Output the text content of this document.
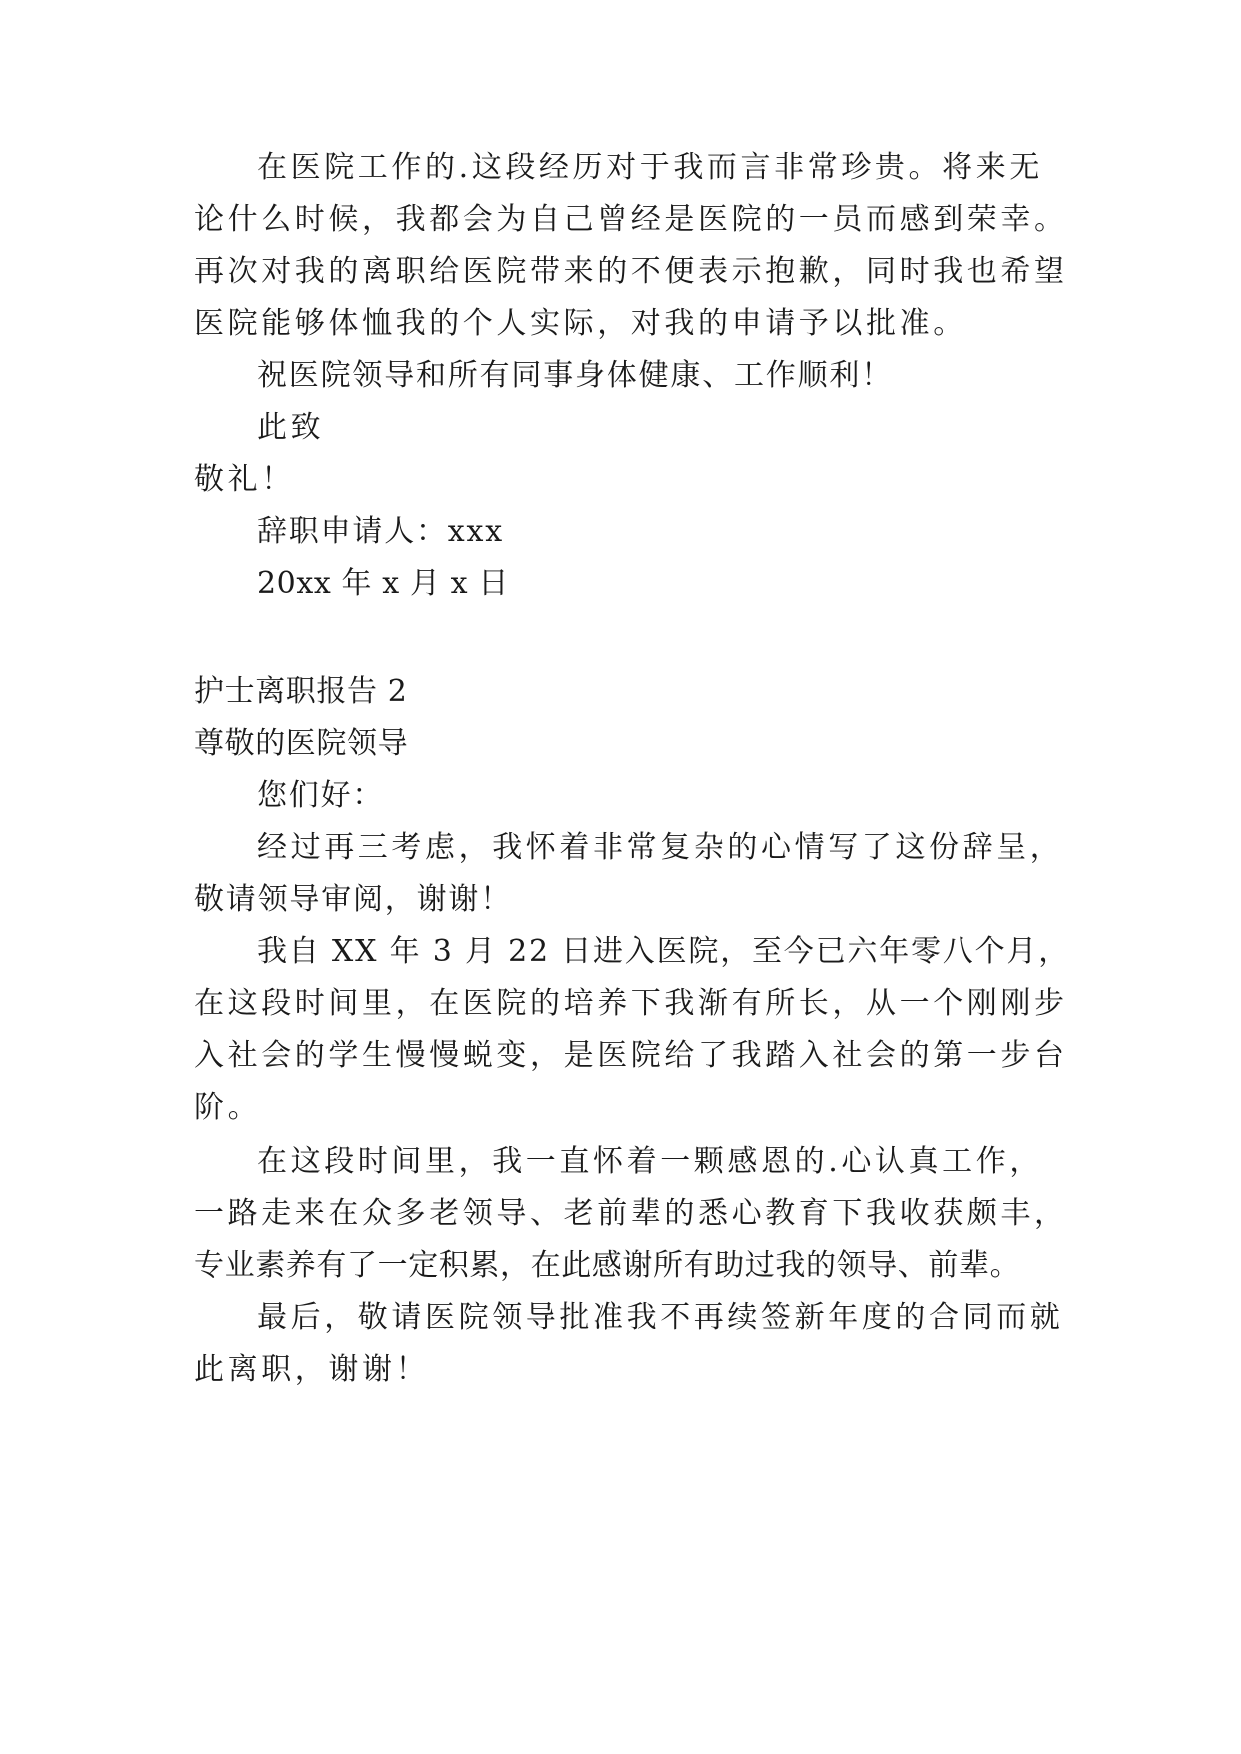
在医院工作的.这段经历对于我而言非常珍贵。将来无
论什么时候，我都会为自己曾经是医院的一员而感到荣幸。
再次对我的离职给医院带来的不便表示抱歉，同时我也希望
医院能够体恤我的个人实际，对我的申请予以批准。
祝医院领导和所有同事身体健康、工作顺利！
此致
敬礼！
辞职申请人：xxx
20xx 年 x 月 x 日
护士离职报告 2
尊敬的医院领导
您们好：
经过再三考虑，我怀着非常复杂的心情写了这份辞呈，
敬请领导审阅，谢谢！
我自 XX 年 3 月 22 日进入医院，至今已六年零八个月，
在这段时间里，在医院的培养下我渐有所长，从一个刚刚步
入社会的学生慢慢蜕变，是医院给了我踏入社会的第一步台
阶。
在这段时间里，我一直怀着一颗感恩的.心认真工作，
一路走来在众多老领导、老前辈的悉心教育下我收获颇丰，
专业素养有了一定积累，在此感谢所有助过我的领导、前辈。
最后，敬请医院领导批准我不再续签新年度的合同而就
此离职，谢谢！
